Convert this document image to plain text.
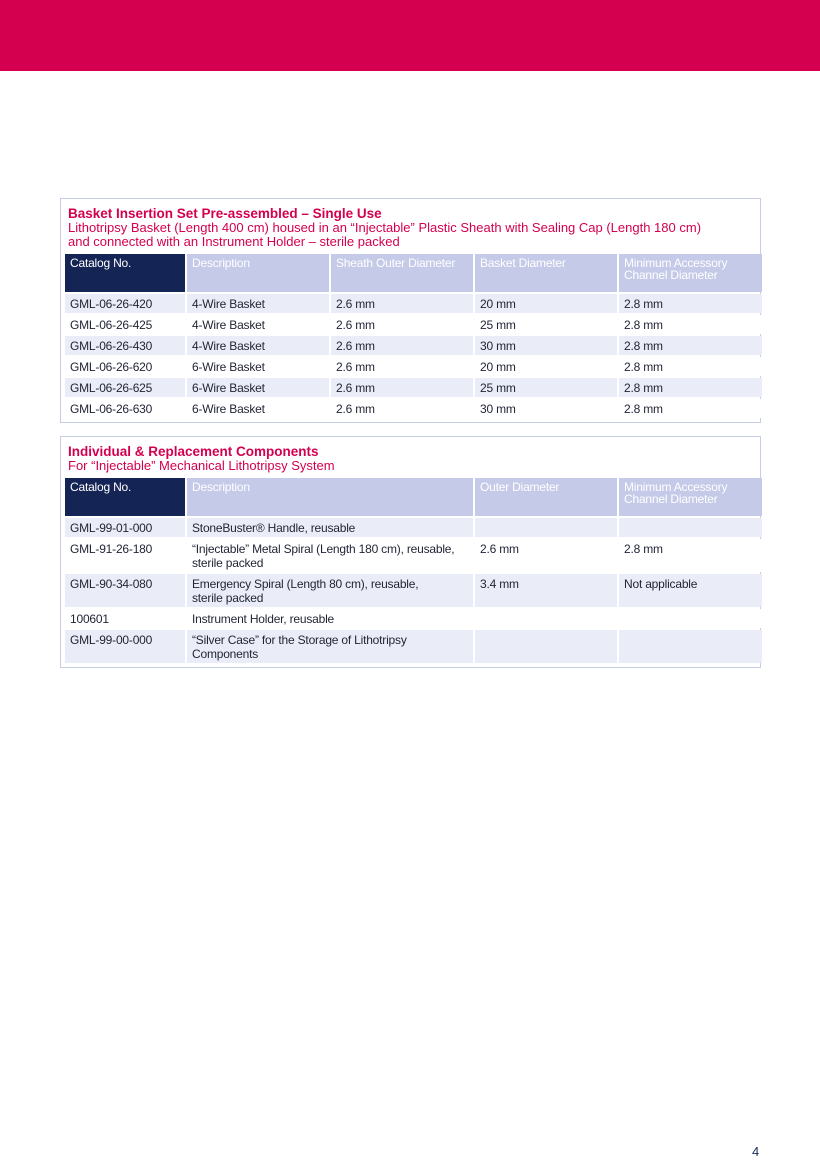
Basket Insertion Set Pre-assembled – Single Use
Lithotripsy Basket (Length 400 cm) housed in an “Injectable” Plastic Sheath with Sealing Cap (Length 180 cm)
and connected with an Instrument Holder – sterile packed
Catalog No.	Description	Sheath Outer Diameter	Basket Diameter	Minimum Accessory
Channel Diameter

GML-06-26-420	4-Wire Basket	2.6 mm	20 mm	2.8 mm
GML-06-26-425	4-Wire Basket	2.6 mm	25 mm	2.8 mm
GML-06-26-430	4-Wire Basket	2.6 mm	30 mm	2.8 mm
GML-06-26-620	6-Wire Basket	2.6 mm	20 mm	2.8 mm
GML-06-26-625	6-Wire Basket	2.6 mm	25 mm	2.8 mm
GML-06-26-630	6-Wire Basket	2.6 mm	30 mm	2.8 mm
Individual & Replacement Components
For “Injectable” Mechanical Lithotripsy System
Catalog No.	Description	Outer Diameter	Minimum Accessory
Channel Diameter

GML-99-01-000	StoneBuster® Handle, reusable		

GML-91-26-180	“Injectable” Metal Spiral (Length 180 cm), reusable,
sterile packed	2.6 mm	2.8 mm
GML-90-34-080	Emergency Spiral (Length 80 cm), reusable,
sterile packed	3.4 mm	Not applicable
100601	Instrument Holder, reusable		

GML-99-00-000	“Silver Case” for the Storage of Lithotripsy Components		

4
